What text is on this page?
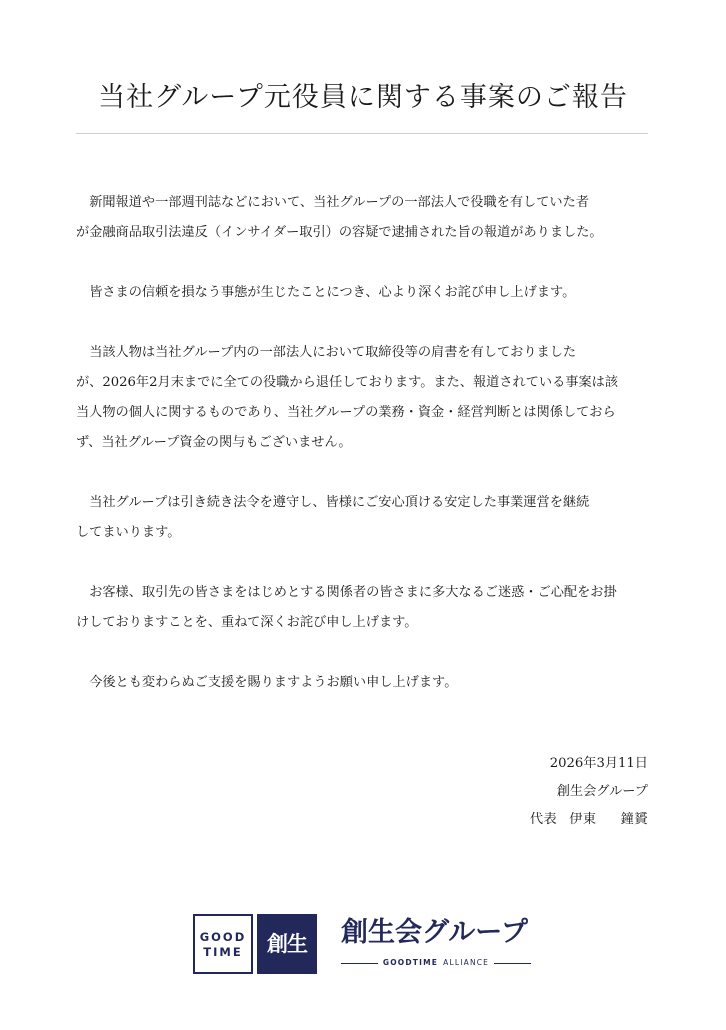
当社グループ元役員に関する事案のご報告

新聞報道や一部週刊誌などにおいて、当社グループの一部法人で役職を有していた者
が金融商品取引法違反（インサイダー取引）の容疑で逮捕された旨の報道がありました。

皆さまの信頼を損なう事態が生じたことにつき、心より深くお詫び申し上げます。

当該人物は当社グループ内の一部法人において取締役等の肩書を有しておりました
が、2026年2月末までに全ての役職から退任しております。また、報道されている事案は該
当人物の個人に関するものであり、当社グループの業務・資金・経営判断とは関係しておら
ず、当社グループ資金の関与もございません。

当社グループは引き続き法令を遵守し、皆様にご安心頂ける安定した事業運営を継続
してまいります。

お客様、取引先の皆さまをはじめとする関係者の皆さまに多大なるご迷惑・ご心配をお掛
けしておりますことを、重ねて深くお詫び申し上げます。

今後とも変わらぬご支援を賜りますようお願い申し上げます。

2026年3月11日
創生会グループ
代表 伊東 鐘贇
GOOD
TIME	創生	創生会グループ
GOODTIME ALLIANCE
